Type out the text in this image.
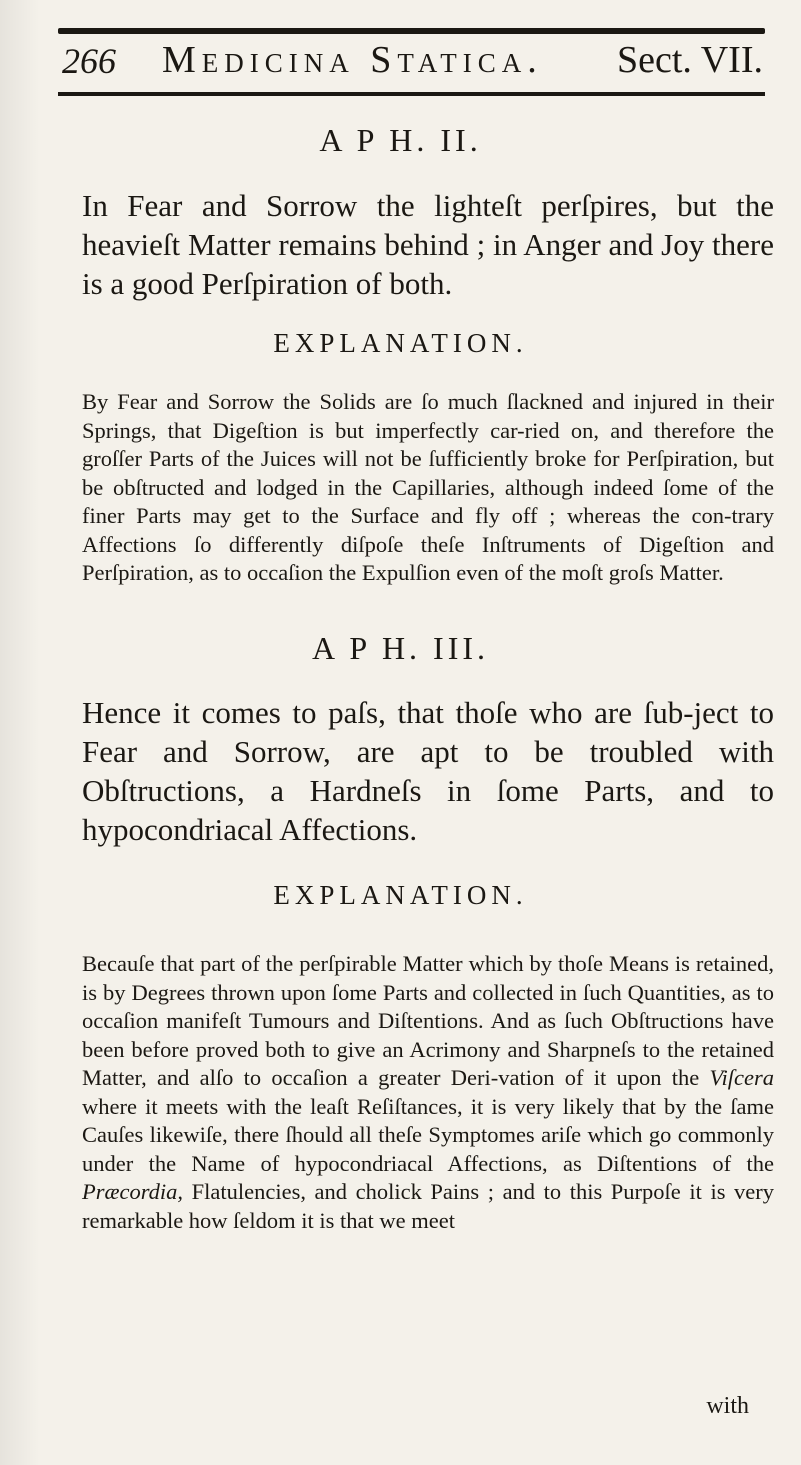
266 Medicina Statica. Sect. VII.
A P H. II.
In Fear and Sorrow the lighteſt perſpires, but the heavieſt Matter remains behind ; in Anger and Joy there is a good Perſpiration of both.
EXPLANATION.
By Fear and Sorrow the Solids are ſo much ſlackned and injured in their Springs, that Digeſtion is but imperfectly car-ried on, and therefore the groſſer Parts of the Juices will not be ſufficiently broke for Perſpiration, but be obſtructed and lodged in the Capillaries, although indeed ſome of the finer Parts may get to the Surface and fly off ; whereas the con-trary Affections ſo differently diſpoſe theſe Inſtruments of Digeſtion and Perſpiration, as to occaſion the Expulſion even of the moſt groſs Matter.
A P H. III.
Hence it comes to paſs, that thoſe who are ſub-ject to Fear and Sorrow, are apt to be troubled with Obſtructions, a Hardneſs in ſome Parts, and to hypocondriacal Affections.
EXPLANATION.
Becauſe that part of the perſpirable Matter which by thoſe Means is retained, is by Degrees thrown upon ſome Parts and collected in ſuch Quantities, as to occaſion manifeſt Tumours and Diſtentions. And as ſuch Obſtructions have been before proved both to give an Acrimony and Sharpneſs to the retained Matter, and alſo to occaſion a greater Deri-vation of it upon the Viſcera where it meets with the leaſt Reſiſtances, it is very likely that by the ſame Cauſes likewiſe, there ſhould all theſe Symptomes ariſe which go commonly under the Name of hypocondriacal Affections, as Diſtentions of the Præcordia, Flatulencies, and cholick Pains ; and to this Purpoſe it is very remarkable how ſeldom it is that we meet
with
